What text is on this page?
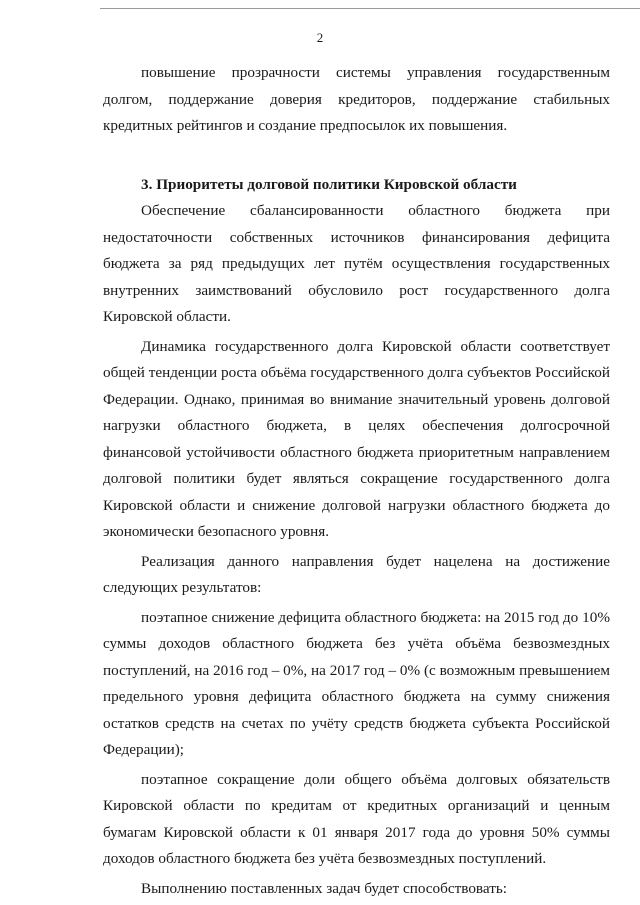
2

повышение прозрачности системы управления государственным долгом, поддержание доверия кредиторов, поддержание стабильных кредитных рейтингов и создание предпосылок их повышения.

3. Приоритеты долговой политики Кировской области

Обеспечение сбалансированности областного бюджета при недостаточности собственных источников финансирования дефицита бюджета за ряд предыдущих лет путём осуществления государственных внутренних заимствований обусловило рост государственного долга Кировской области.

Динамика государственного долга Кировской области соответствует общей тенденции роста объёма государственного долга субъектов Российской Федерации. Однако, принимая во внимание значительный уровень долговой нагрузки областного бюджета, в целях обеспечения долгосрочной финансовой устойчивости областного бюджета приоритетным направлением долговой политики будет являться сокращение государственного долга Кировской области и снижение долговой нагрузки областного бюджета до экономически безопасного уровня.

Реализация данного направления будет нацелена на достижение следующих результатов:

поэтапное снижение дефицита областного бюджета: на 2015 год до 10% суммы доходов областного бюджета без учёта объёма безвозмездных поступлений, на 2016 год – 0%, на 2017 год – 0% (с возможным превышением предельного уровня дефицита областного бюджета на сумму снижения остатков средств на счетах по учёту средств бюджета субъекта Российской Федерации);

поэтапное сокращение доли общего объёма долговых обязательств Кировской области по кредитам от кредитных организаций и ценным бумагам Кировской области к 01 января 2017 года до уровня 50% суммы доходов областного бюджета без учёта безвозмездных поступлений.

Выполнению поставленных задач будет способствовать:
